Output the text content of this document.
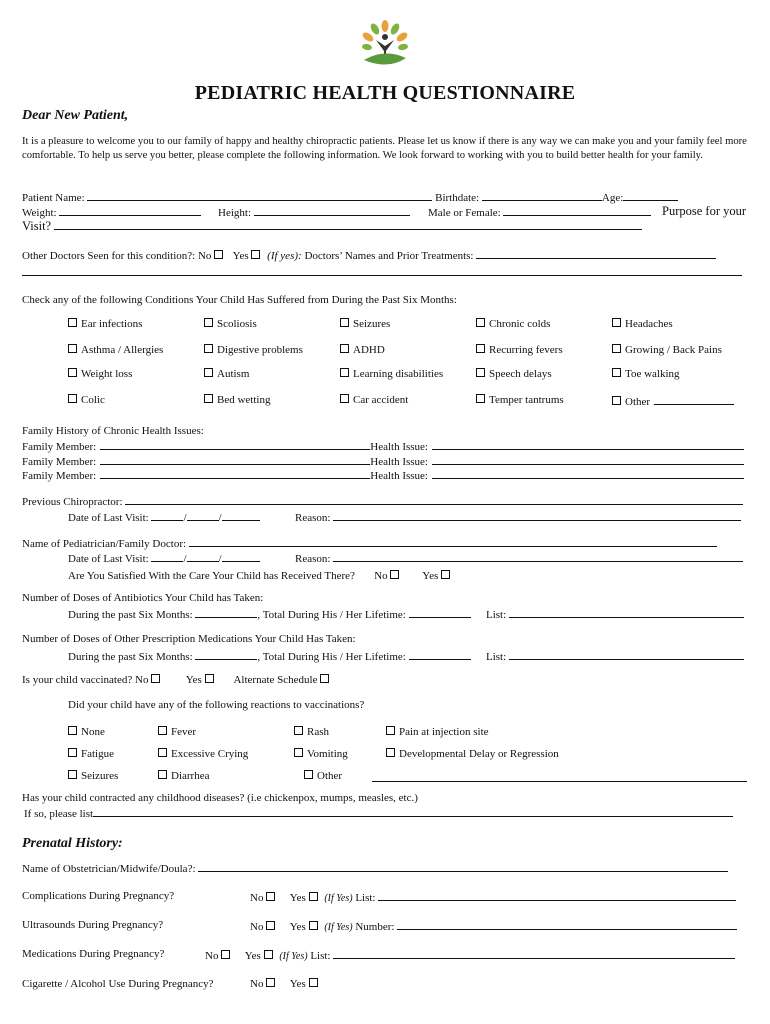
PEDIATRIC HEALTH QUESTIONNAIRE
Dear New Patient,
It is a pleasure to welcome you to our family of happy and healthy chiropractic patients. Please let us know if there is any way we can make you and your family feel more comfortable. To help us serve you better, please complete the following information. We look forward to working with you to build better health for your family.
Patient Name:	Birthdate:	Age:
Weight:	Height:	Male or Female:	Purpose for your
Visit?
Other Doctors Seen for this condition?: No Yes (If yes): Doctors’ Names and Prior Treatments:
Check any of the following Conditions Your Child Has Suffered from During the Past Six Months:
Ear infections	Scoliosis	Seizures	Chronic colds	Headaches
Asthma / Allergies	Digestive problems	ADHD	Recurring fevers	Growing / Back Pains
Weight loss	Autism	Learning disabilities	Speech delays	Toe walking
Colic	Bed wetting	Car accident	Temper tantrums	Other
Family History of Chronic Health Issues:
Family Member:	Health Issue:
Family Member:	Health Issue:
Family Member:	Health Issue:
Previous Chiropractor:
Date of Last Visit:	/	/	Reason:
Name of Pediatrician/Family Doctor:
Date of Last Visit:	/	/	Reason:
Are You Satisfied With the Care Your Child has Received There? No	Yes
Number of Doses of Antibiotics Your Child has Taken:
During the past Six Months:	, Total During His / Her Lifetime:	List:
Number of Doses of Other Prescription Medications Your Child Has Taken:
During the past Six Months:	, Total During His / Her Lifetime:	List:
Is your child vaccinated? No	Yes	Alternate Schedule
Did your child have any of the following reactions to vaccinations?
None	Fever	Rash	Pain at injection site
Fatigue	Excessive Crying	Vomiting	Developmental Delay or Regression
Seizures	Diarrhea	Other
Has your child contracted any childhood diseases? (i.e chickenpox, mumps, measles, etc.)
If so, please list
Prenatal History:
Name of Obstetrician/Midwife/Doula?:
Complications During Pregnancy?	No Yes (If Yes) List:
Ultrasounds During Pregnancy?	No Yes (If Yes) Number:
Medications During Pregnancy?	No Yes (If Yes) List:
Cigarette / Alcohol Use During Pregnancy?	No Yes
